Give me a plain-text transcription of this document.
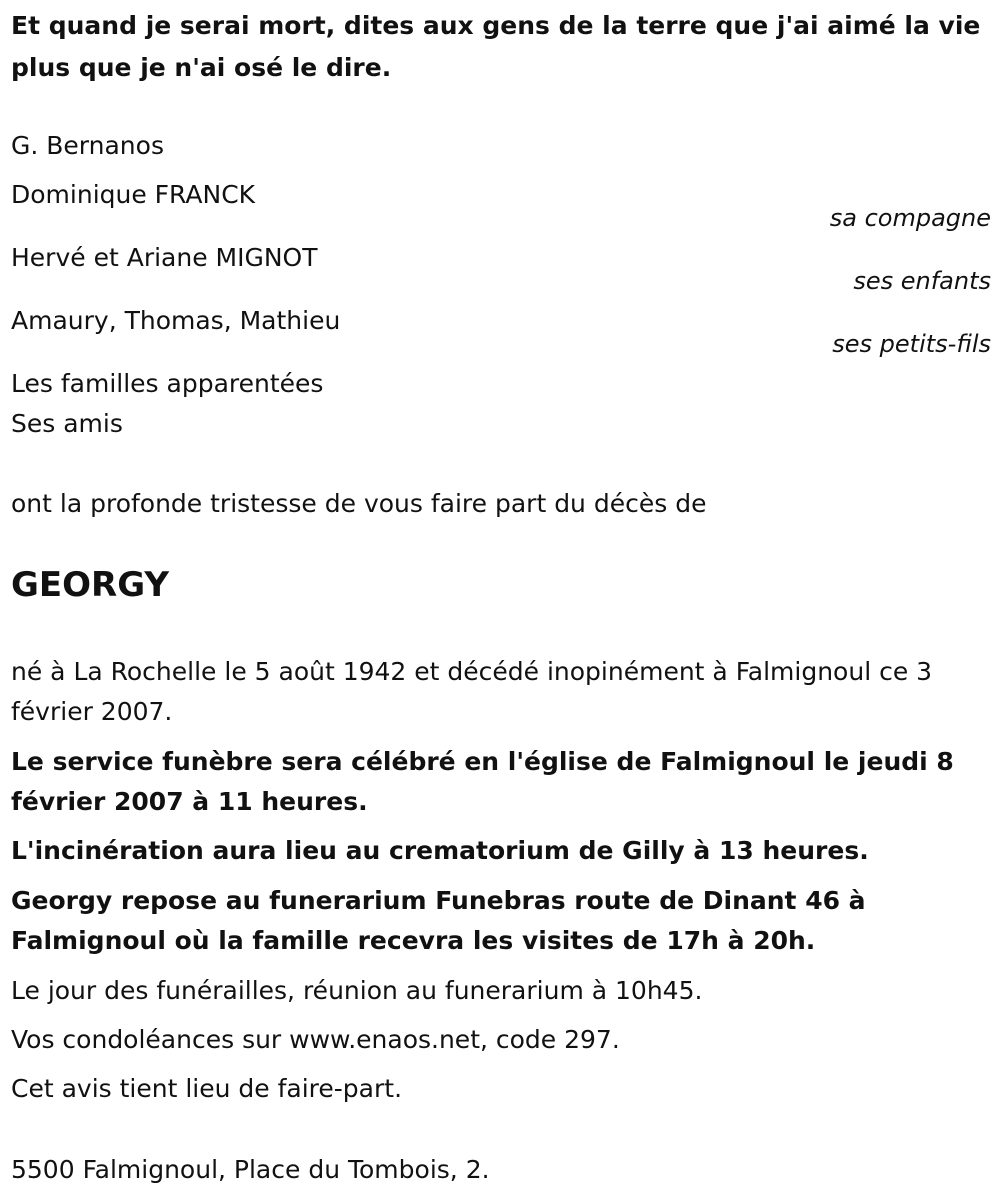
Et quand je serai mort, dites aux gens de la terre que j'ai aimé la vie
plus que je n'ai osé le dire.
G. Bernanos
Dominique FRANCK
sa compagne
Hervé et Ariane MIGNOT
ses enfants
Amaury, Thomas, Mathieu
ses petits-fils
Les familles apparentées
Ses amis
ont la profonde tristesse de vous faire part du décès de
GEORGY
né à La Rochelle le 5 août 1942 et décédé inopinément à Falmignoul ce 3
février 2007.
Le service funèbre sera célébré en l'église de Falmignoul le jeudi 8
février 2007 à 11 heures.
L'incinération aura lieu au crematorium de Gilly à 13 heures.
Georgy repose au funerarium Funebras route de Dinant 46 à
Falmignoul où la famille recevra les visites de 17h à 20h.
Le jour des funérailles, réunion au funerarium à 10h45.
Vos condoléances sur www.enaos.net, code 297.
Cet avis tient lieu de faire-part.
5500 Falmignoul, Place du Tombois, 2.
